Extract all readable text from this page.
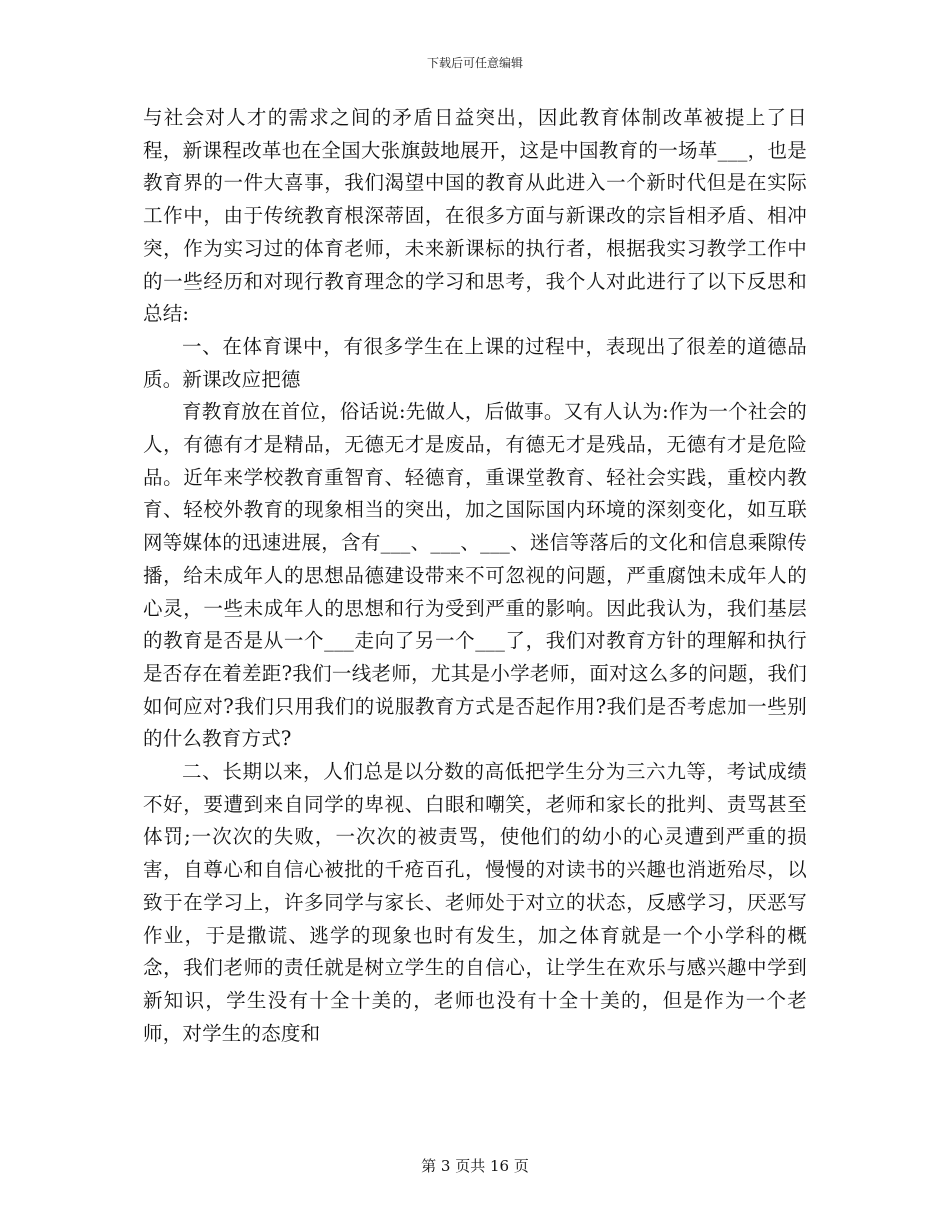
下载后可任意编辑

与社会对人才的需求之间的矛盾日益突出，因此教育体制改革被提上了日程，新课程改革也在全国大张旗鼓地展开，这是中国教育的一场革___，也是教育界的一件大喜事，我们渴望中国的教育从此进入一个新时代但是在实际工作中，由于传统教育根深蒂固，在很多方面与新课改的宗旨相矛盾、相冲突，作为实习过的体育老师，未来新课标的执行者，根据我实习教学工作中的一些经历和对现行教育理念的学习和思考，我个人对此进行了以下反思和总结:

一、在体育课中，有很多学生在上课的过程中，表现出了很差的道德品质。新课改应把德

育教育放在首位，俗话说:先做人，后做事。又有人认为:作为一个社会的人，有德有才是精品，无德无才是废品，有德无才是残品，无德有才是危险品。近年来学校教育重智育、轻德育，重课堂教育、轻社会实践，重校内教育、轻校外教育的现象相当的突出，加之国际国内环境的深刻变化，如互联网等媒体的迅速进展，含有___、___、___、迷信等落后的文化和信息乘隙传播，给未成年人的思想品德建设带来不可忽视的问题，严重腐蚀未成年人的心灵，一些未成年人的思想和行为受到严重的影响。因此我认为，我们基层的教育是否是从一个___走向了另一个___了，我们对教育方针的理解和执行是否存在着差距?我们一线老师，尤其是小学老师，面对这么多的问题，我们如何应对?我们只用我们的说服教育方式是否起作用?我们是否考虑加一些别的什么教育方式?

二、长期以来，人们总是以分数的高低把学生分为三六九等，考试成绩不好，要遭到来自同学的卑视、白眼和嘲笑，老师和家长的批判、责骂甚至体罚;一次次的失败，一次次的被责骂，使他们的幼小的心灵遭到严重的损害，自尊心和自信心被批的千疮百孔，慢慢的对读书的兴趣也消逝殆尽，以致于在学习上，许多同学与家长、老师处于对立的状态，反感学习，厌恶写作业，于是撒谎、逃学的现象也时有发生，加之体育就是一个小学科的概念，我们老师的责任就是树立学生的自信心，让学生在欢乐与感兴趣中学到新知识，学生没有十全十美的，老师也没有十全十美的，但是作为一个老师，对学生的态度和

第 3 页共 16 页
